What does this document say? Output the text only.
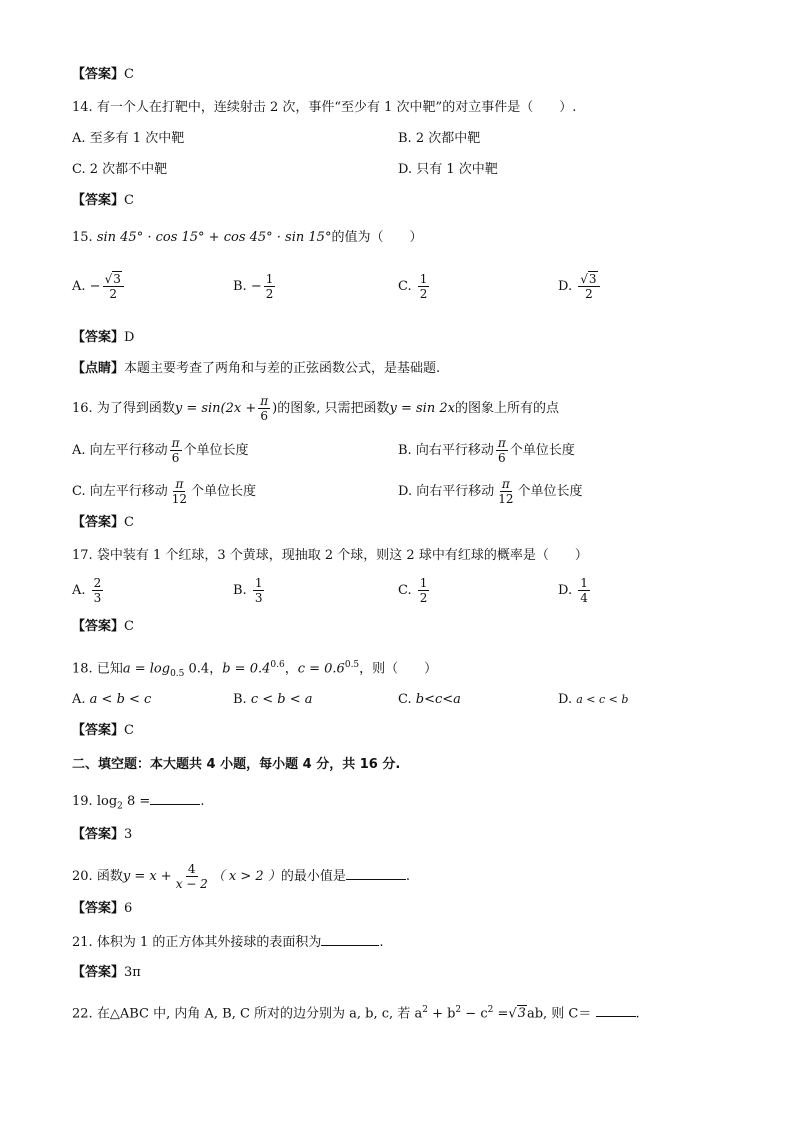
【答案】C
14. 有一个人在打靶中，连续射击 2 次，事件“至少有 1 次中靶”的对立事件是（　　）.
A. 至多有 1 次中靶	B. 2 次都中靶
C. 2 次都不中靶	D. 只有 1 次中靶
【答案】C
15. sin 45° · cos 15° + cos 45° · sin 15°的值为（　　）
A. − $\frac{√3}{2}$	B. − $\frac{1}{2}$	C. $\frac{1}{2}$	D. $\frac{√3}{2}$
【答案】D
【点睛】本题主要考查了两角和与差的正弦函数公式，是基础题.
16. 为了得到函数$y = \sin(2x + \frac{\pi}{6}$ )的图象, 只需把函数y = sin 2x的图象上所有的点
A. 向左平行移动 $\frac{\pi}{6}$ 个单位长度	B. 向右平行移动 $\frac{\pi}{6}$ 个单位长度
C. 向左平行移动 $\frac{\pi}{12}$ 个单位长度	D. 向右平行移动 $\frac{\pi}{12}$ 个单位长度
【答案】C
17. 袋中装有 1 个红球，3 个黄球，现抽取 2 个球，则这 2 球中有红球的概率是（　　）
A. $\frac{2}{3}$	B. $\frac{1}{3}$	C. $\frac{1}{2}$	D. $\frac{1}{4}$
【答案】C
18. 已知$a = \log_{0.5} 0.4$，$b = 0.4^{0.6}$，$c = 0.6^{0.5}$，则（　　）
A. a < b < c	B. c < b < a	C. b<c<a	D. a < c < b
【答案】C
二、填空题：本大题共 4 小题，每小题 4 分，共 16 分.
19. $\log_2 8$ =	.
【答案】3
20. 函数$y = x + \frac{4}{x - 2}$ （ x > 2 ）的最小值是	.
【答案】6
21. 体积为 1 的正方体其外接球的表面积为	.
【答案】3π
22. 在△ABC 中, 内角 A, B, C 所对的边分别为 a, b, c, 若 $a^2 + b^2 - c^2 =√3ab$, 则 C＝	.
